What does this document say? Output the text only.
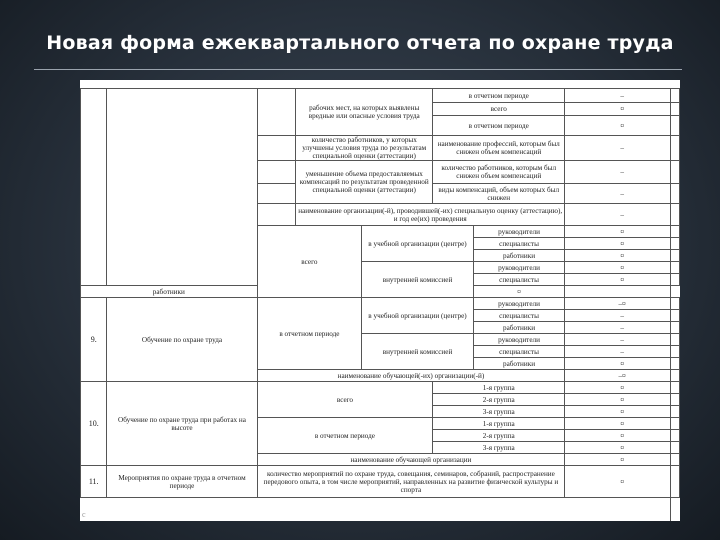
Новая форма ежеквартального отчета по охране труда
			рабочих мест, на которых выявлены вредные или опасные условия труда		в отчетном периоде		–
					всего		¤
					в отчетном периоде		¤
			количество работников, у которых улучшены условия труда по результатам специальной оценки (аттестации)		наименование профессий, которым был снижен объем компенсаций		–
			уменьшение объема предоставляемых компенсаций по результатам проведенной специальной оценки (аттестации)		количество работников, которым был снижен объем компенсаций		–
					виды компенсаций, объем которых был снижен		–
			наименование организации(-й), проводившей(-их) специальную оценку (аттестацию), и год ее(их) проведения				–
		всего		в учебной организации (центре)		руководители	¤
						специалисты	¤
						работники	¤
				внутренней комиссией		руководители	¤
						специалисты	¤
работники						¤	
9.	Обучение по охране труда	в отчетном периоде		в учебной организации (центре)		руководители	–¤
						специалисты	–
						работники	–
				внутренней комиссией		руководители	–
						специалисты	–
						работники	¤
		наименование обучающей(-их) организации(-й)					–¤
10.	Обучение по охране труда при работах на высоте	всего			1-я группа		¤
					2-я группа		¤
					3-я группа		¤
		в отчетном периоде			1-я группа		¤
					2-я группа		¤
					3-я группа		¤
		наименование обучающей организации					¤
11.	Мероприятия по охране труда в отчетном периоде	количество мероприятий по охране труда, совещания, семинаров, собраний, распространение передового опыта, в том числе мероприятий, направленных на развитие физической культуры и спорта					¤
с
